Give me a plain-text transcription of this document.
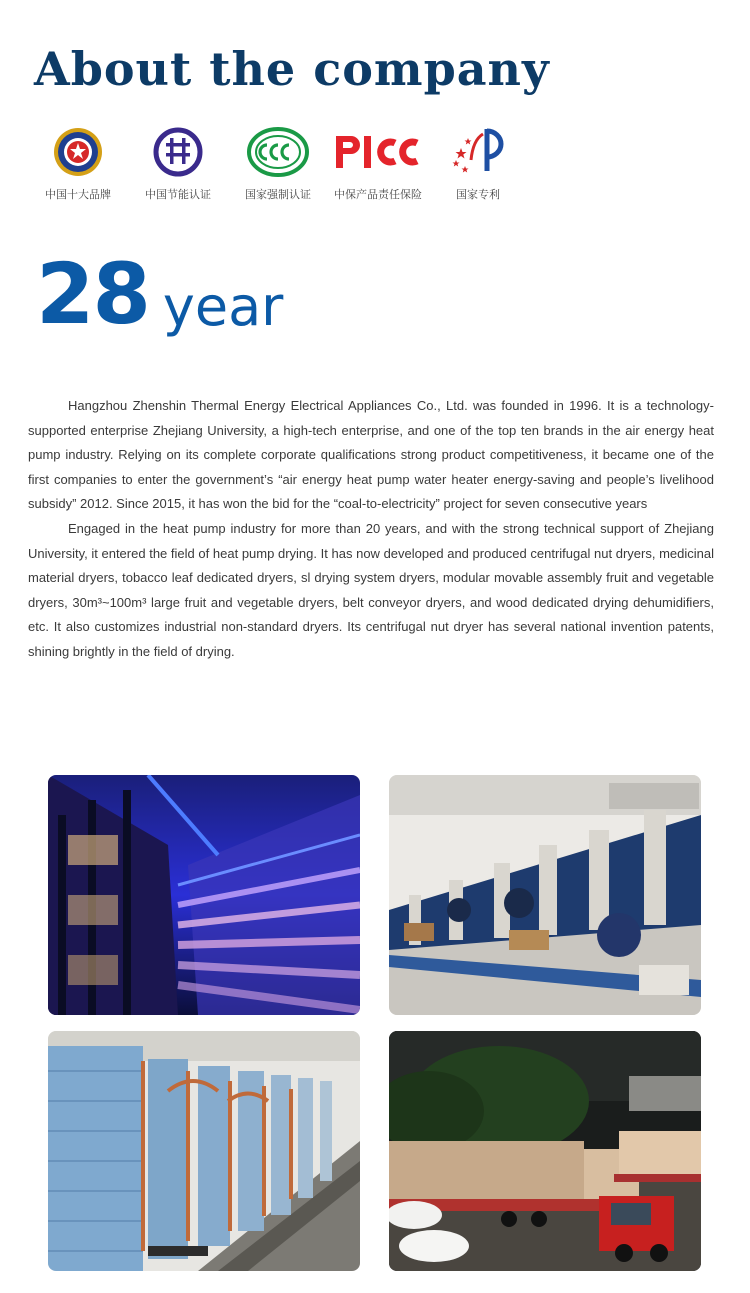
About the company
中国十大品牌	中国节能认证	国家强制认证 中保产品责任保险	国家专利
28 year

Hangzhou Zhenshin Thermal Energy Electrical Appliances Co., Ltd. was founded in 1996. It is a technology-supported enterprise Zhejiang University, a high-tech enterprise, and one of the top ten brands in the air energy heat pump industry. Relying on its complete corporate qualifications strong product competitiveness, it became one of the first companies to enter the government’s “air energy heat pump water heater energy-saving and people’s livelihood subsidy” 2012. Since 2015, it has won the bid for the “coal-to-electricity” project for seven consecutive years

Engaged in the heat pump industry for more than 20 years, and with the strong technical support of Zhejiang University, it entered the field of heat pump drying. It has now developed and produced centrifugal nut dryers, medicinal material dryers, tobacco leaf dedicated dryers, sl drying system dryers, modular movable assembly fruit and vegetable dryers, 30m³~100m³ large fruit and vegetable dryers, belt conveyor dryers, and wood dedicated drying dehumidifiers, etc. It also customizes industrial non-standard dryers. Its centrifugal nut dryer has several national invention patents, shining brightly in the field of drying.
